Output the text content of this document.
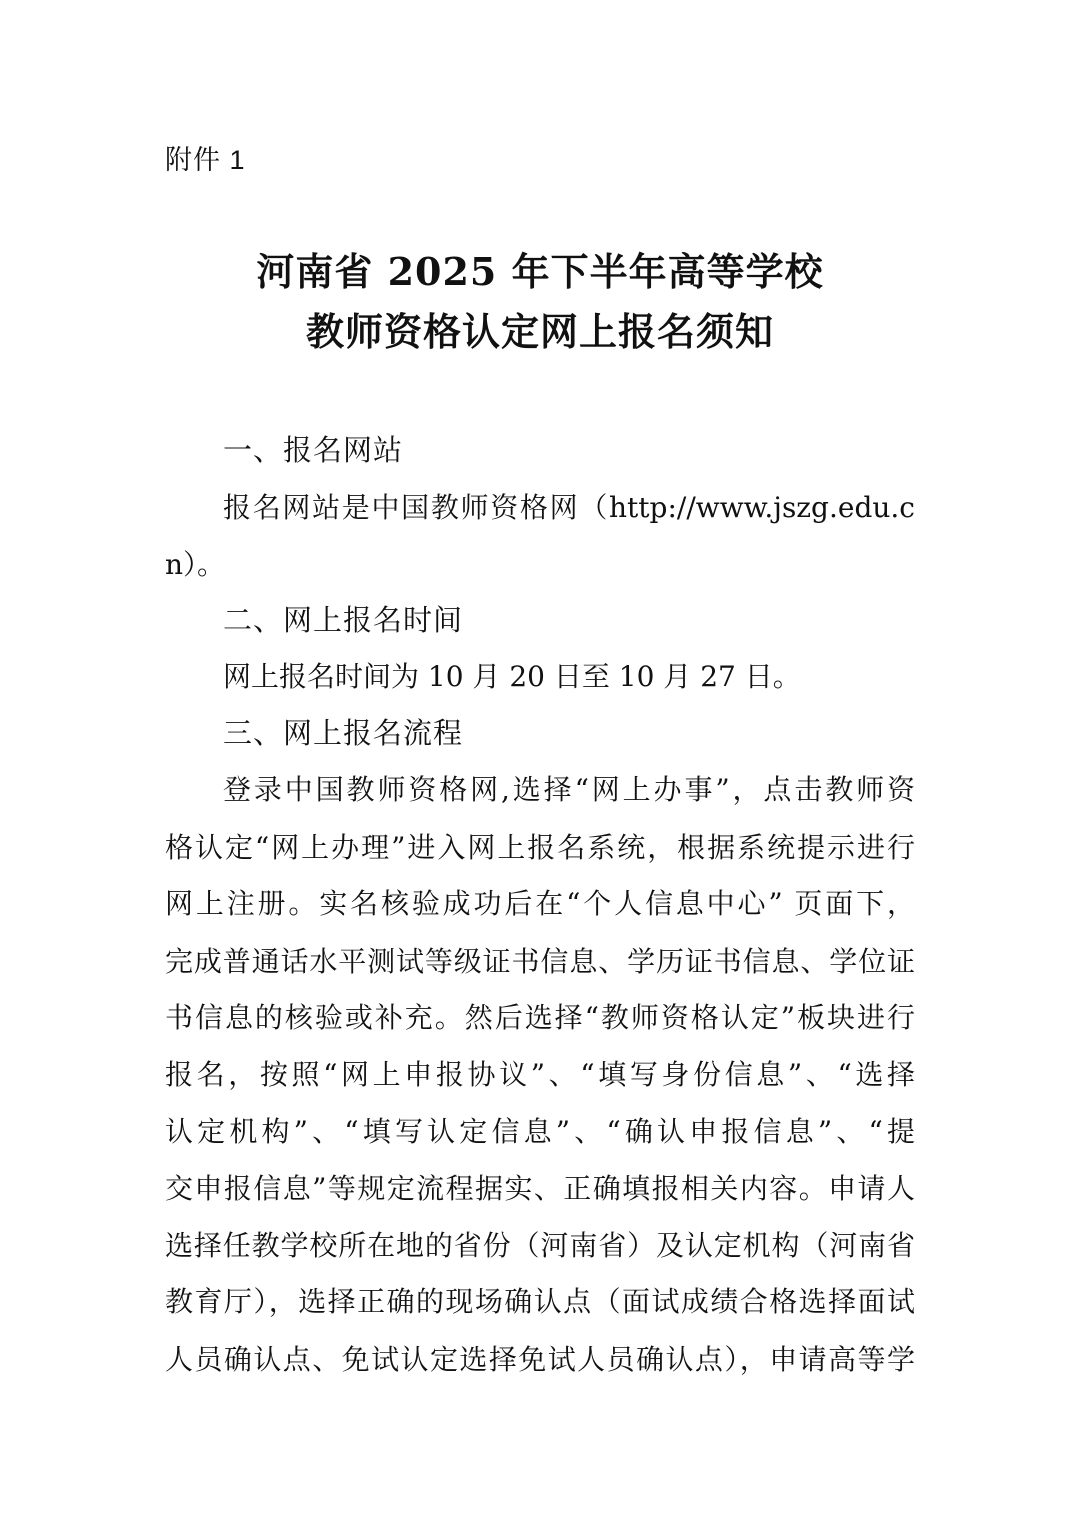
附件 1
河南省 2025 年下半年高等学校
教师资格认定网上报名须知
一、报名网站
报名网站是中国教师资格网（http://www.jszg.edu.c
n）。
二、网上报名时间
网上报名时间为 10 月 20 日至 10 月 27 日。
三、网上报名流程
登录中国教师资格网,选择“网上办事”，点击教师资
格认定“网上办理”进入网上报名系统，根据系统提示进行
网上注册。实名核验成功后在“个人信息中心” 页面下，
完成普通话水平测试等级证书信息、学历证书信息、学位证
书信息的核验或补充。然后选择“教师资格认定”板块进行
报名，按照“网上申报协议”、“填写身份信息”、“选择
认定机构”、“填写认定信息”、“确认申报信息”、“提
交申报信息”等规定流程据实、正确填报相关内容。申请人
选择任教学校所在地的省份（河南省）及认定机构（河南省
教育厅），选择正确的现场确认点（面试成绩合格选择面试
人员确认点、免试认定选择免试人员确认点），申请高等学
